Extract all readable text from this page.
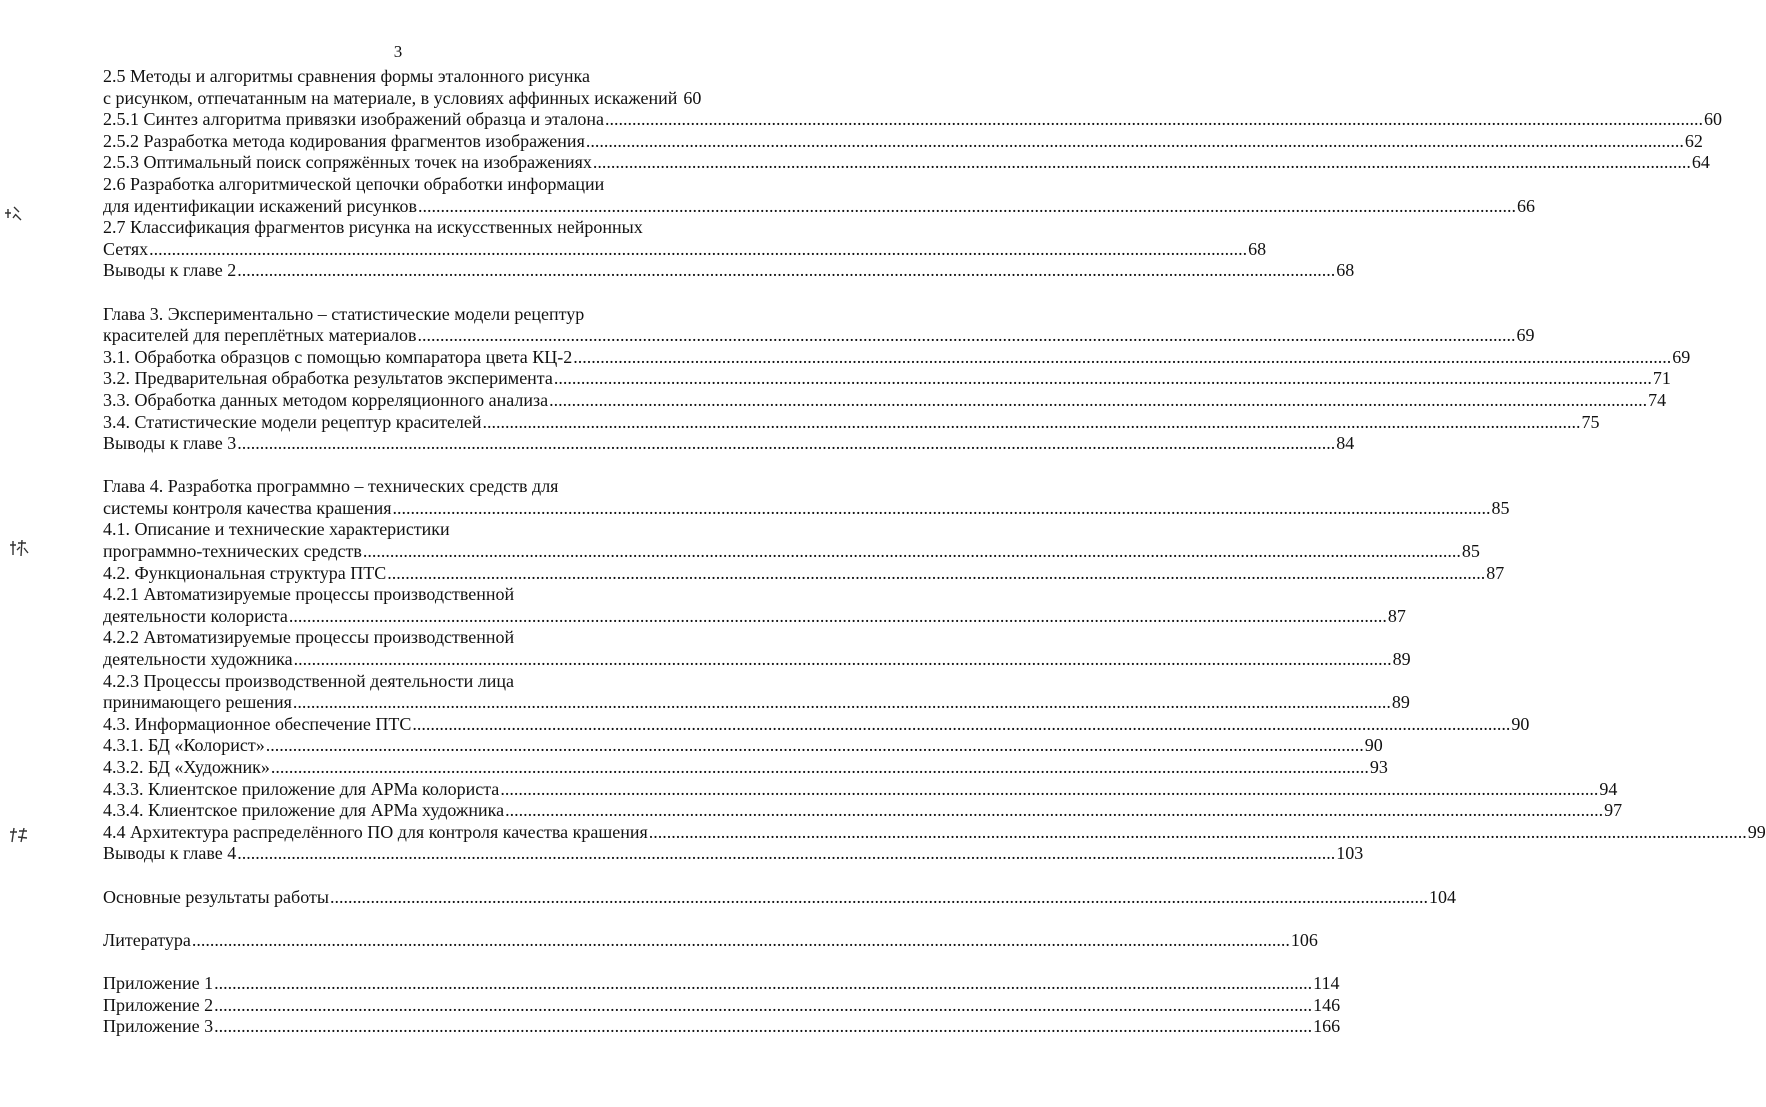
3
2.5 Методы и алгоритмы сравнения формы эталонного рисунка
с рисунком, отпечатанным на материале, в условиях аффинных искажений 60
2.5.1 Синтез алгоритма привязки изображений образца и эталона .....	60
2.5.2 Разработка метода кодирования фрагментов изображения .....	62
2.5.3 Оптимальный поиск сопряжённых точек на изображениях .....	64
2.6 Разработка алгоритмической цепочки обработки информации
для идентификации искажений рисунков .....	66
2.7 Классификация фрагментов рисунка на искусственных нейронных
Сетях .....	68
Выводы к главе 2 .....	68
Глава 3. Экспериментально – статистические модели рецептур
красителей для переплётных материалов .....	69
3.1. Обработка образцов с помощью компаратора цвета КЦ-2 .....	69
3.2. Предварительная обработка результатов эксперимента .....	71
3.3. Обработка данных методом корреляционного анализа .....	74
3.4. Статистические модели рецептур красителей .....	75
Выводы к главе 3 .....	84
Глава 4. Разработка программно – технических средств для
системы контроля качества крашения .....	85
4.1. Описание и технические характеристики
программно-технических средств .....	85
4.2. Функциональная структура ПТС .....	87
4.2.1 Автоматизируемые процессы производственной
деятельности колориста .....	87
4.2.2 Автоматизируемые процессы производственной
деятельности художника .....	89
4.2.3 Процессы производственной деятельности лица
принимающего решения .....	89
4.3. Информационное обеспечение ПТС .....	90
4.3.1. БД «Колорист» .....	90
4.3.2. БД «Художник» .....	93
4.3.3. Клиентское приложение для АРМа колориста .....	94
4.3.4. Клиентское приложение для АРМа художника .....	97
4.4 Архитектура распределённого ПО для контроля качества крашения .....	99
Выводы к главе 4 .....	103
Основные результаты работы .....	104
Литература .....	106
Приложение 1 .....	114
Приложение 2 .....	146
Приложение 3 .....	166
